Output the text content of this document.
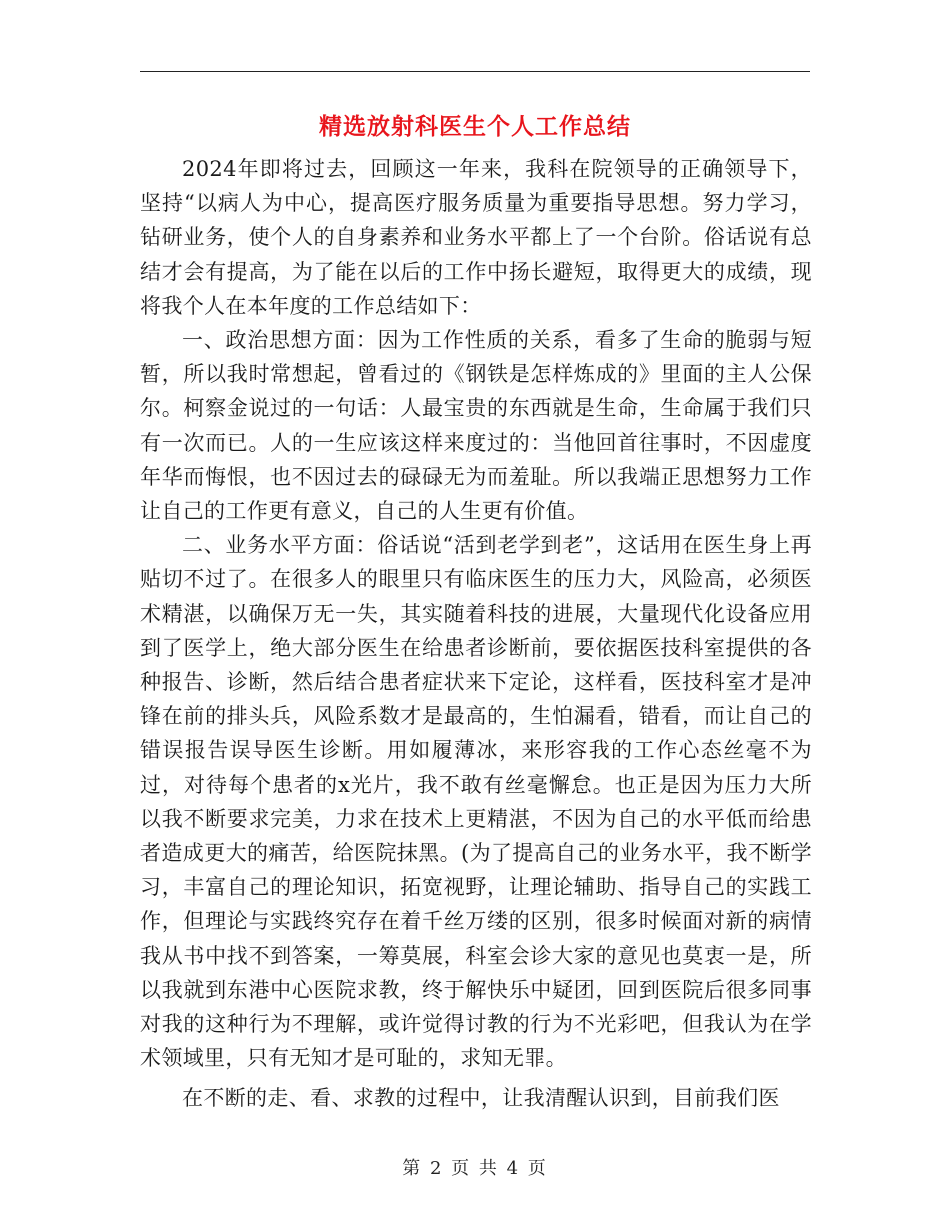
精选放射科医生个人工作总结

2024年即将过去，回顾这一年来，我科在院领导的正确领导下，坚持“以病人为中心，提高医疗服务质量为重要指导思想。努力学习，钻研业务，使个人的自身素养和业务水平都上了一个台阶。俗话说有总结才会有提高，为了能在以后的工作中扬长避短，取得更大的成绩，现将我个人在本年度的工作总结如下：

一、政治思想方面：因为工作性质的关系，看多了生命的脆弱与短暂，所以我时常想起，曾看过的《钢铁是怎样炼成的》里面的主人公保尔。柯察金说过的一句话：人最宝贵的东西就是生命，生命属于我们只有一次而已。人的一生应该这样来度过的：当他回首往事时，不因虚度年华而悔恨，也不因过去的碌碌无为而羞耻。所以我端正思想努力工作让自己的工作更有意义，自己的人生更有价值。

二、业务水平方面：俗话说“活到老学到老”，这话用在医生身上再贴切不过了。在很多人的眼里只有临床医生的压力大，风险高，必须医术精湛，以确保万无一失，其实随着科技的进展，大量现代化设备应用到了医学上，绝大部分医生在给患者诊断前，要依据医技科室提供的各种报告、诊断，然后结合患者症状来下定论，这样看，医技科室才是冲锋在前的排头兵，风险系数才是最高的，生怕漏看，错看，而让自己的错误报告误导医生诊断。用如履薄冰，来形容我的工作心态丝毫不为过，对待每个患者的x光片，我不敢有丝毫懈怠。也正是因为压力大所以我不断要求完美，力求在技术上更精湛，不因为自己的水平低而给患者造成更大的痛苦，给医院抹黑。(为了提高自己的业务水平，我不断学习，丰富自己的理论知识，拓宽视野，让理论辅助、指导自己的实践工作，但理论与实践终究存在着千丝万缕的区别，很多时候面对新的病情我从书中找不到答案，一筹莫展，科室会诊大家的意见也莫衷一是，所以我就到东港中心医院求教，终于解快乐中疑团，回到医院后很多同事对我的这种行为不理解，或许觉得讨教的行为不光彩吧，但我认为在学术领域里，只有无知才是可耻的，求知无罪。

在不断的走、看、求教的过程中，让我清醒认识到，目前我们医

第 2 页 共 4 页
